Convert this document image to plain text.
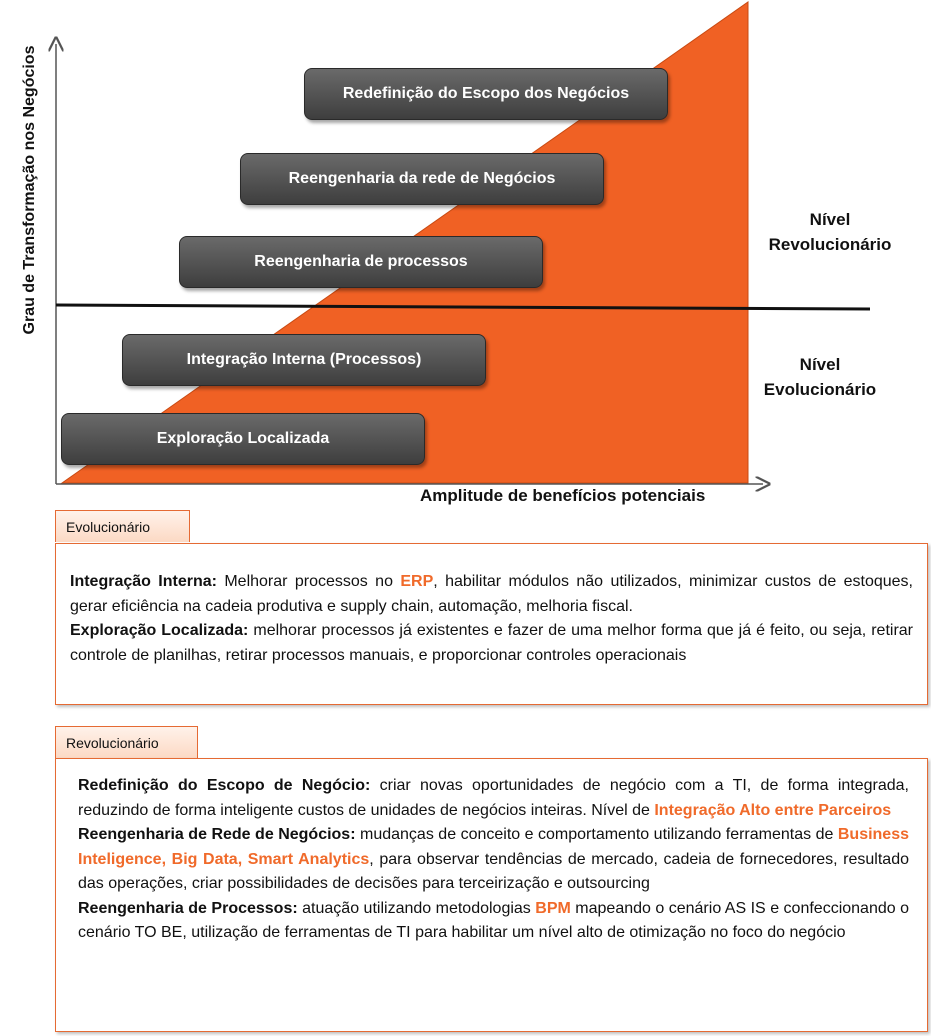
Grau de Transformação nos Negócios
Amplitude de benefícios potenciais
Redefinição do Escopo dos Negócios
Reengenharia da rede de Negócios
Reengenharia de processos
Integração Interna (Processos)
Exploração Localizada
Nível
Revolucionário
Nível
Evolucionário
Evolucionário
Integração Interna: Melhorar processos no ERP, habilitar módulos não utilizados, minimizar custos de estoques, gerar eficiência na cadeia produtiva e supply chain, automação, melhoria fiscal.
Exploração Localizada: melhorar processos já existentes e fazer de uma melhor forma que já é feito, ou seja, retirar controle de planilhas, retirar processos manuais, e proporcionar controles operacionais
Revolucionário
Redefinição do Escopo de Negócio: criar novas oportunidades de negócio com a TI, de forma integrada, reduzindo de forma inteligente custos de unidades de negócios inteiras. Nível de Integração Alto entre Parceiros
Reengenharia de Rede de Negócios: mudanças de conceito e comportamento utilizando ferramentas de Business Inteligence, Big Data, Smart Analytics, para observar tendências de mercado, cadeia de fornecedores, resultado das operações, criar possibilidades de decisões para terceirização e outsourcing
Reengenharia de Processos: atuação utilizando metodologias BPM mapeando o cenário AS IS e confeccionando o cenário TO BE, utilização de ferramentas de TI para habilitar um nível alto de otimização no foco do negócio
